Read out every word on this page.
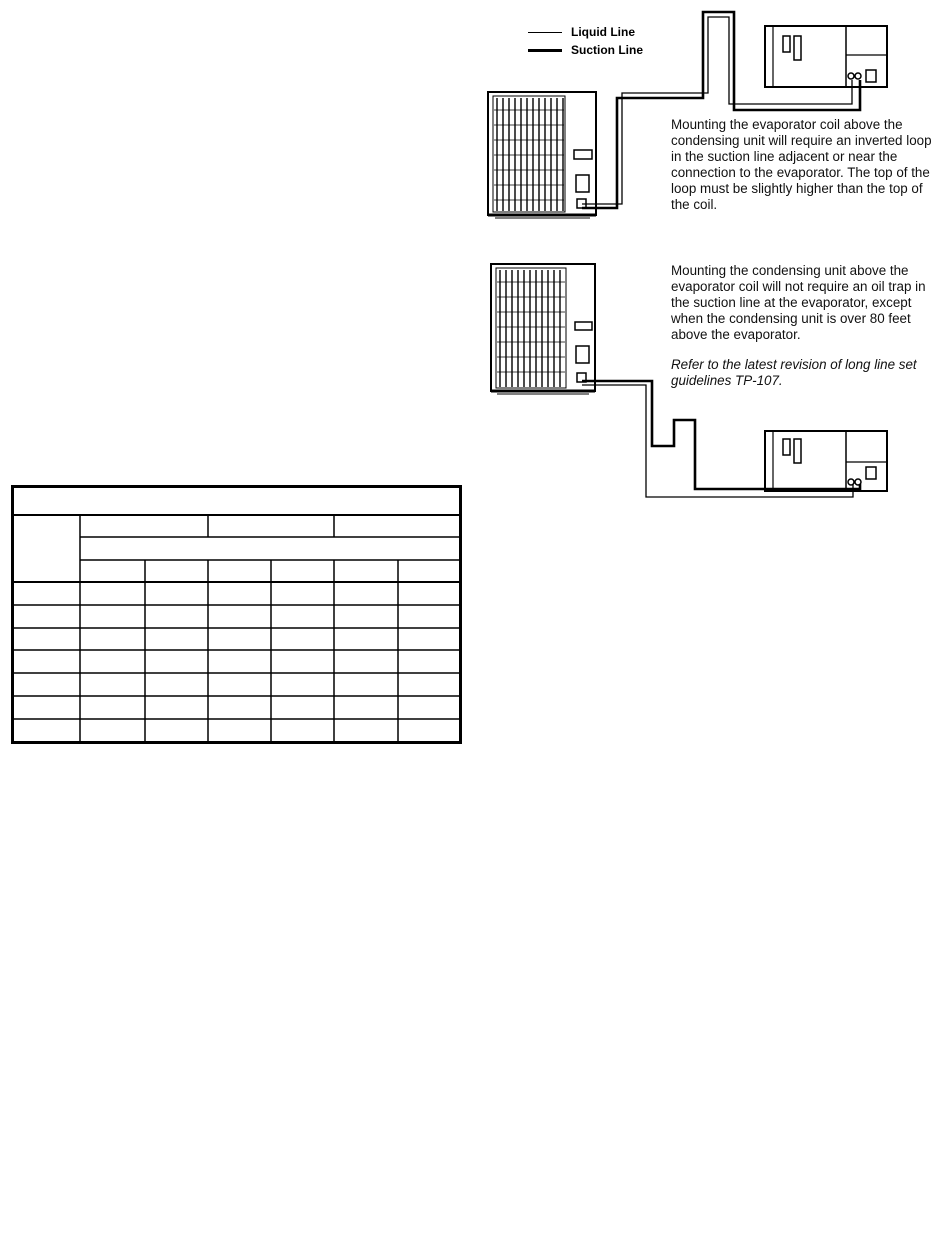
Liquid Line
Suction Line

Mounting the evaporator coil above the condensing unit will require an inverted loop in the suction line adjacent or near the connection to the evaporator. The top of the loop must be slightly higher than the top of the coil.

Mounting the condensing unit above the evaporator coil will not require an oil trap in the suction line at the evaporator, except when the condensing unit is over 80 feet above the evaporator.

Refer to the latest revision of long line set guidelines TP-107.
